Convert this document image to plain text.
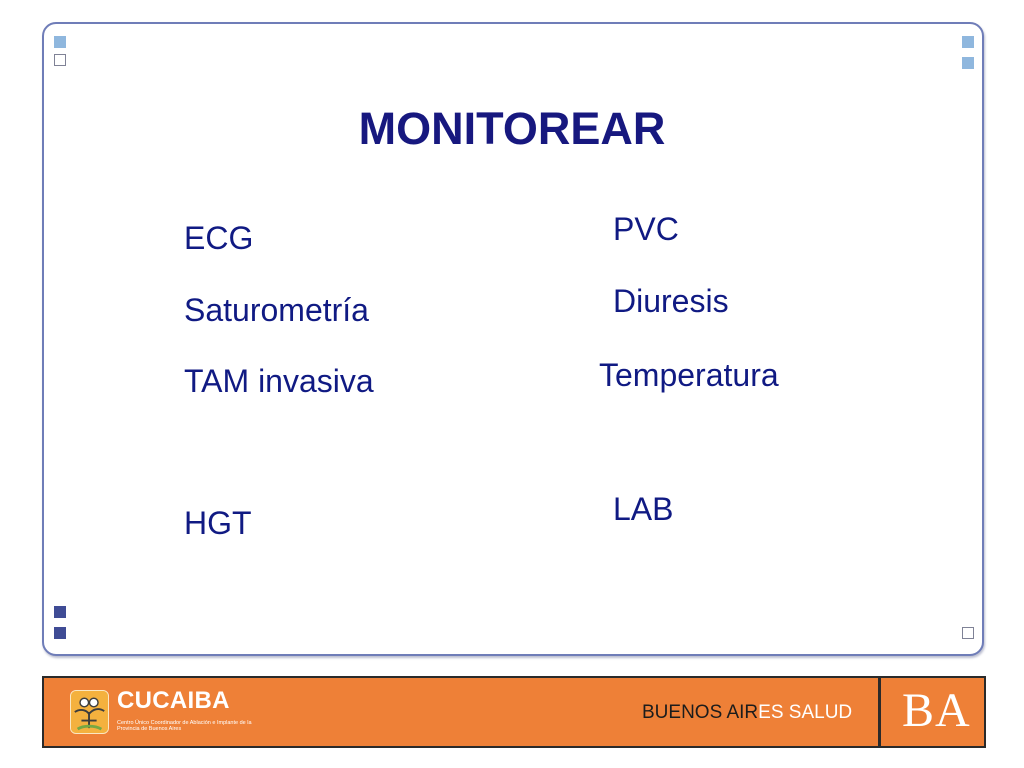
MONITOREAR

ECG

Saturometría

TAM invasiva

HGT

PVC

Diuresis

Temperatura

LAB

CUCAIBA
Centro Único Coordinador de Ablación e Implante de la Provincia de Buenos Aires
BUENOS AIRES SALUD BA
